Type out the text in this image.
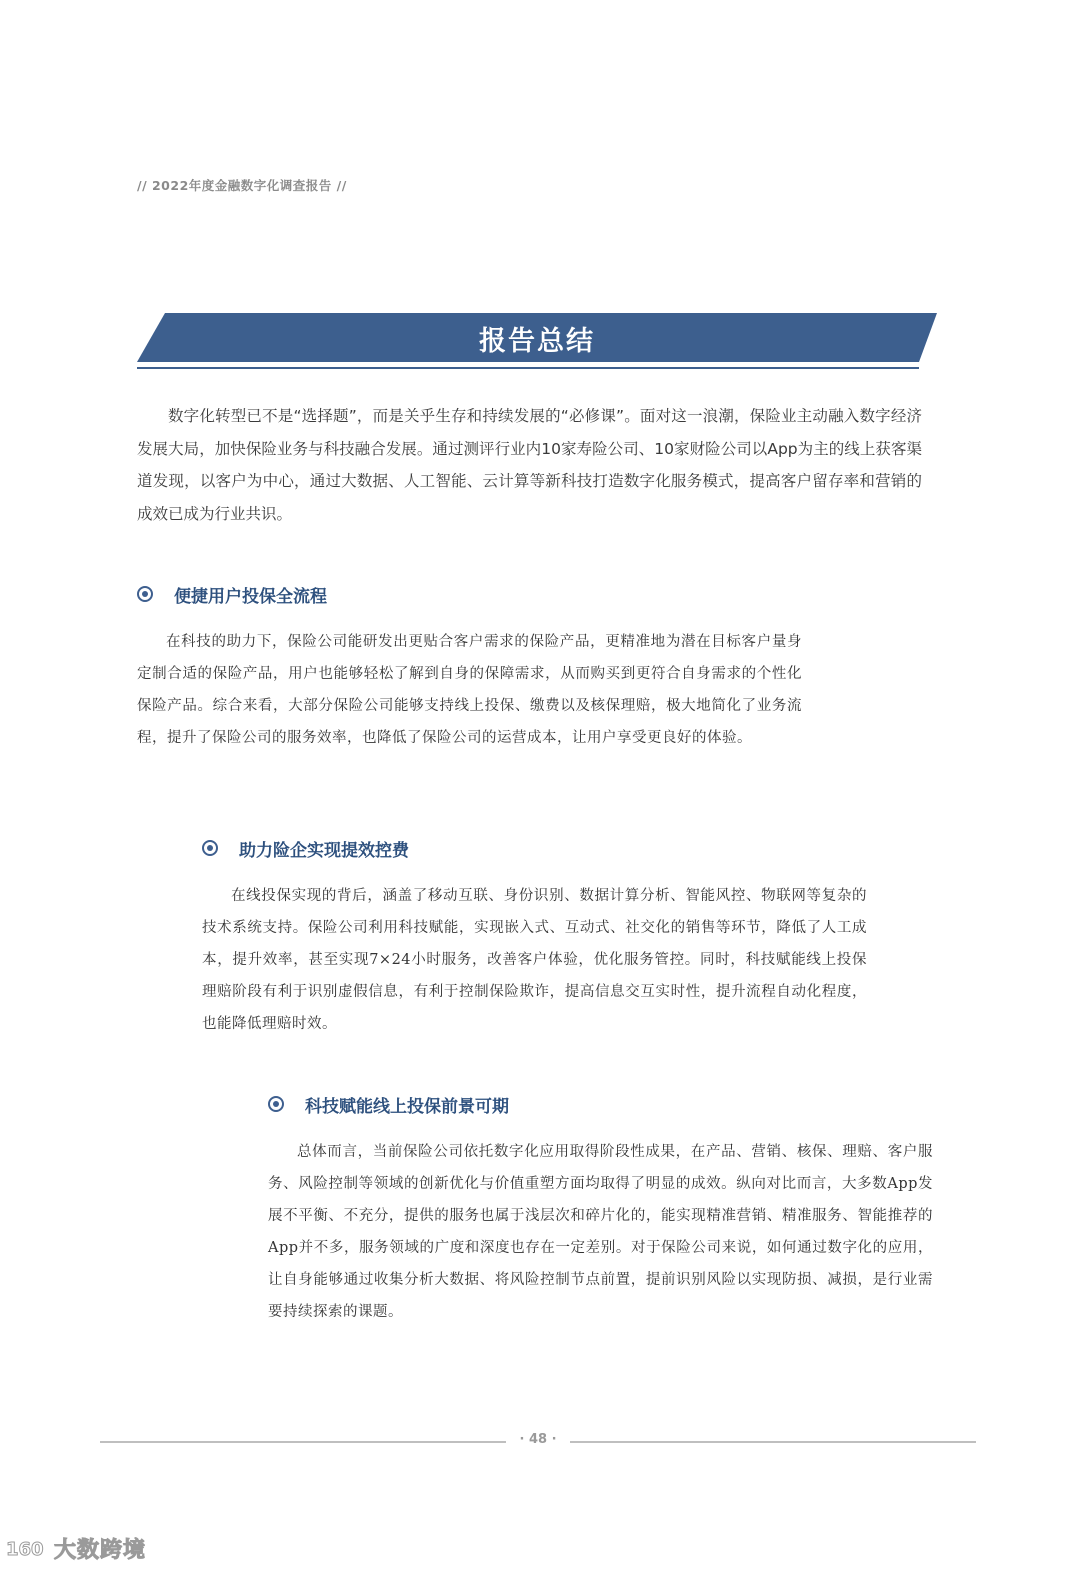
// 2022年度金融数字化调查报告 //
报告总结

数字化转型已不是“选择题”，而是关乎生存和持续发展的“必修课”。面对这一浪潮，保险业主动融入数字经济发展大局，加快保险业务与科技融合发展。通过测评行业内10家寿险公司、10家财险公司以App为主的线上获客渠道发现，以客户为中心，通过大数据、人工智能、云计算等新科技打造数字化服务模式，提高客户留存率和营销的成效已成为行业共识。

便捷用户投保全流程

在科技的助力下，保险公司能研发出更贴合客户需求的保险产品，更精准地为潜在目标客户量身定制合适的保险产品，用户也能够轻松了解到自身的保障需求，从而购买到更符合自身需求的个性化保险产品。综合来看，大部分保险公司能够支持线上投保、缴费以及核保理赔，极大地简化了业务流程，提升了保险公司的服务效率，也降低了保险公司的运营成本，让用户享受更良好的体验。

助力险企实现提效控费

在线投保实现的背后，涵盖了移动互联、身份识别、数据计算分析、智能风控、物联网等复杂的技术系统支持。保险公司利用科技赋能，实现嵌入式、互动式、社交化的销售等环节，降低了人工成本，提升效率，甚至实现7×24小时服务，改善客户体验，优化服务管控。同时，科技赋能线上投保理赔阶段有利于识别虚假信息，有利于控制保险欺诈，提高信息交互实时性，提升流程自动化程度，也能降低理赔时效。

科技赋能线上投保前景可期

总体而言，当前保险公司依托数字化应用取得阶段性成果，在产品、营销、核保、理赔、客户服务、风险控制等领域的创新优化与价值重塑方面均取得了明显的成效。纵向对比而言，大多数App发展不平衡、不充分，提供的服务也属于浅层次和碎片化的，能实现精准营销、精准服务、智能推荐的App并不多，服务领域的广度和深度也存在一定差别。对于保险公司来说，如何通过数字化的应用，让自身能够通过收集分析大数据、将风险控制节点前置，提前识别风险以实现防损、减损，是行业需要持续探索的课题。

· 48 ·
160 大数跨境
